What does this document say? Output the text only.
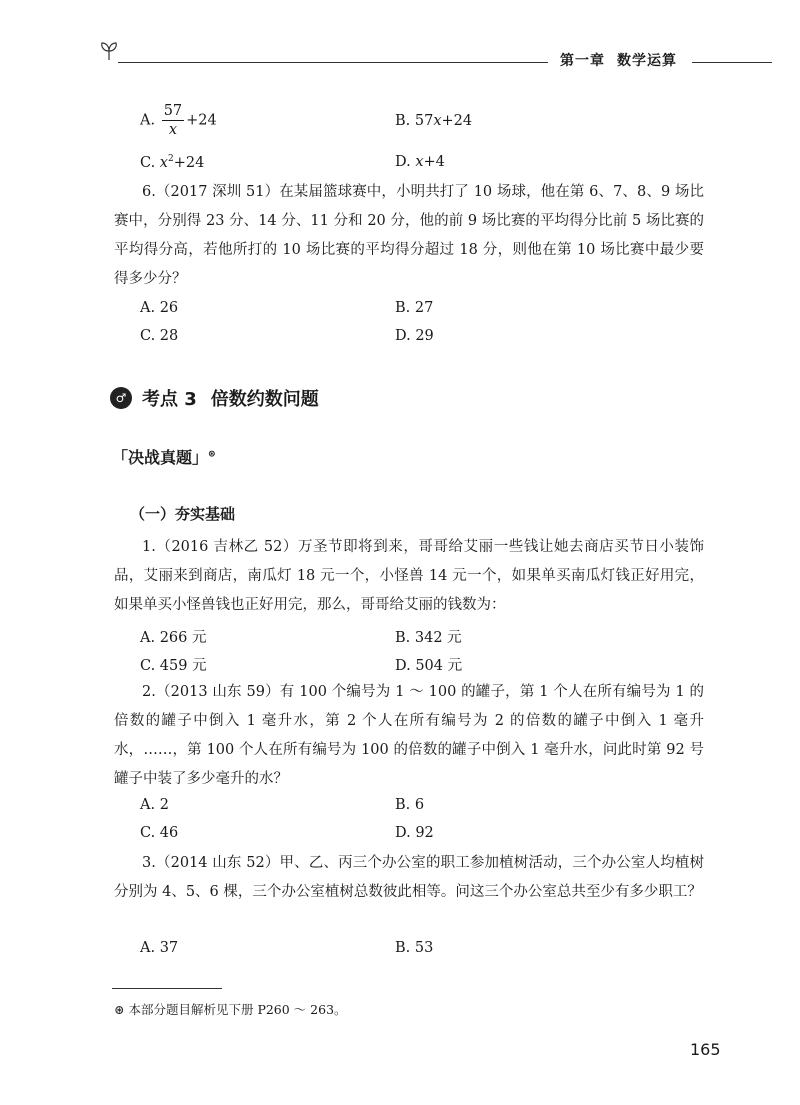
第一章 数学运算
A. $\frac{57}{x} +24$	B. 57x+24
C. $x^2+24$	D. x+4
6.（2017 深圳 51）在某届篮球赛中，小明共打了 10 场球，他在第 6、7、8、9 场比赛中，分别得 23 分、14 分、11 分和 20 分，他的前 9 场比赛的平均得分比前 5 场比赛的平均得分高，若他所打的 10 场比赛的平均得分超过 18 分，则他在第 10 场比赛中最少要得多少分？
A. 26	B. 27
C. 28	D. 29
♂ 考点 3 倍数约数问题
「决战真题」⊛
（一）夯实基础
1.（2016 吉林乙 52）万圣节即将到来，哥哥给艾丽一些钱让她去商店买节日小装饰品，艾丽来到商店，南瓜灯 18 元一个，小怪兽 14 元一个，如果单买南瓜灯钱正好用完，如果单买小怪兽钱也正好用完，那么，哥哥给艾丽的钱数为：
A. 266 元	B. 342 元
C. 459 元	D. 504 元
2.（2013 山东 59）有 100 个编号为 1 ～ 100 的罐子，第 1 个人在所有编号为 1 的倍数的罐子中倒入 1 毫升水，第 2 个人在所有编号为 2 的倍数的罐子中倒入 1 毫升水，……，第 100 个人在所有编号为 100 的倍数的罐子中倒入 1 毫升水，问此时第 92 号罐子中装了多少毫升的水？
A. 2	B. 6
C. 46	D. 92
3.（2014 山东 52）甲、乙、丙三个办公室的职工参加植树活动，三个办公室人均植树分别为 4、5、6 棵，三个办公室植树总数彼此相等。问这三个办公室总共至少有多少职工？
A. 37	B. 53
⊛ 本部分题目解析见下册 P260 ～ 263。
165
